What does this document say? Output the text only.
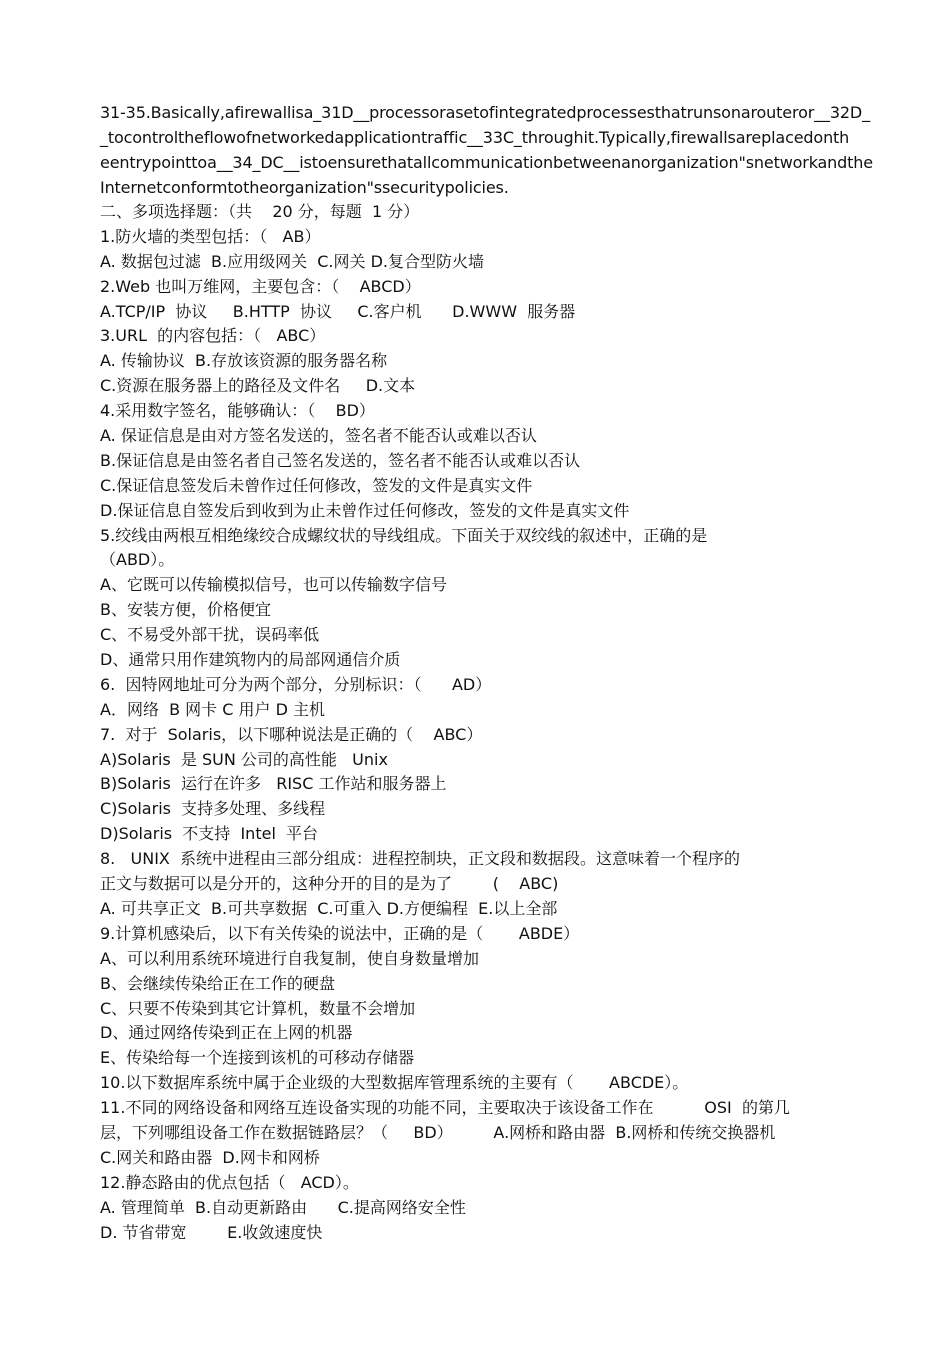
31-35.Basically,afirewallisa_31D__processorasetofintegratedprocessesthatrunsonarouteror__32D_
_tocontroltheflowofnetworkedapplicationtraffic__33C_throughit.Typically,firewallsareplacedonth
eentrypointtoa__34_DC__istoensurethatallcommunicationbetweenanorganization"snetworkandthe
Internetconformtotheorganization"ssecuritypolicies.
二、多项选择题：（共    20 分，每题  1 分）
1.防火墙的类型包括：（   AB）
A. 数据包过滤  B.应用级网关  C.网关 D.复合型防火墙
2.Web 也叫万维网，主要包含：（    ABCD）
A.TCP/IP  协议     B.HTTP  协议     C.客户机      D.WWW  服务器
3.URL  的内容包括：（   ABC）
A. 传输协议  B.存放该资源的服务器名称
C.资源在服务器上的路径及文件名     D.文本
4.采用数字签名，能够确认：（    BD）
A. 保证信息是由对方签名发送的，签名者不能否认或难以否认
B.保证信息是由签名者自己签名发送的，签名者不能否认或难以否认
C.保证信息签发后未曾作过任何修改，签发的文件是真实文件
D.保证信息自签发后到收到为止未曾作过任何修改，签发的文件是真实文件
5.绞线由两根互相绝缘绞合成螺纹状的导线组成。下面关于双绞线的叙述中，正确的是
（ABD）。
A、它既可以传输模拟信号，也可以传输数字信号
B、安装方便，价格便宜
C、不易受外部干扰，误码率低
D、通常只用作建筑物内的局部网通信介质
6.  因特网地址可分为两个部分，分别标识：（      AD）
A．网络  B 网卡 C 用户 D 主机
7.  对于  Solaris，以下哪种说法是正确的（    ABC）
A)Solaris  是 SUN 公司的高性能   Unix
B)Solaris  运行在许多   RISC 工作站和服务器上
C)Solaris  支持多处理、多线程
D)Solaris  不支持  Intel  平台
8.   UNIX  系统中进程由三部分组成：进程控制块，正文段和数据段。这意味着一个程序的
正文与数据可以是分开的，这种分开的目的是为了        (    ABC)
A. 可共享正文  B.可共享数据  C.可重入 D.方便编程  E.以上全部
9.计算机感染后，以下有关传染的说法中，正确的是（       ABDE）
A、可以利用系统环境进行自我复制，使自身数量增加
B、会继续传染给正在工作的硬盘
C、只要不传染到其它计算机，数量不会增加
D、通过网络传染到正在上网的机器
E、传染给每一个连接到该机的可移动存储器
10.以下数据库系统中属于企业级的大型数据库管理系统的主要有（       ABCDE）。
11.不同的网络设备和网络互连设备实现的功能不同，主要取决于该设备工作在          OSI  的第几
层，下列哪组设备工作在数据链路层？（     BD）        A.网桥和路由器  B.网桥和传统交换器机
C.网关和路由器  D.网卡和网桥
12.静态路由的优点包括（   ACD）。
A. 管理简单  B.自动更新路由      C.提高网络安全性
D. 节省带宽        E.收敛速度快
